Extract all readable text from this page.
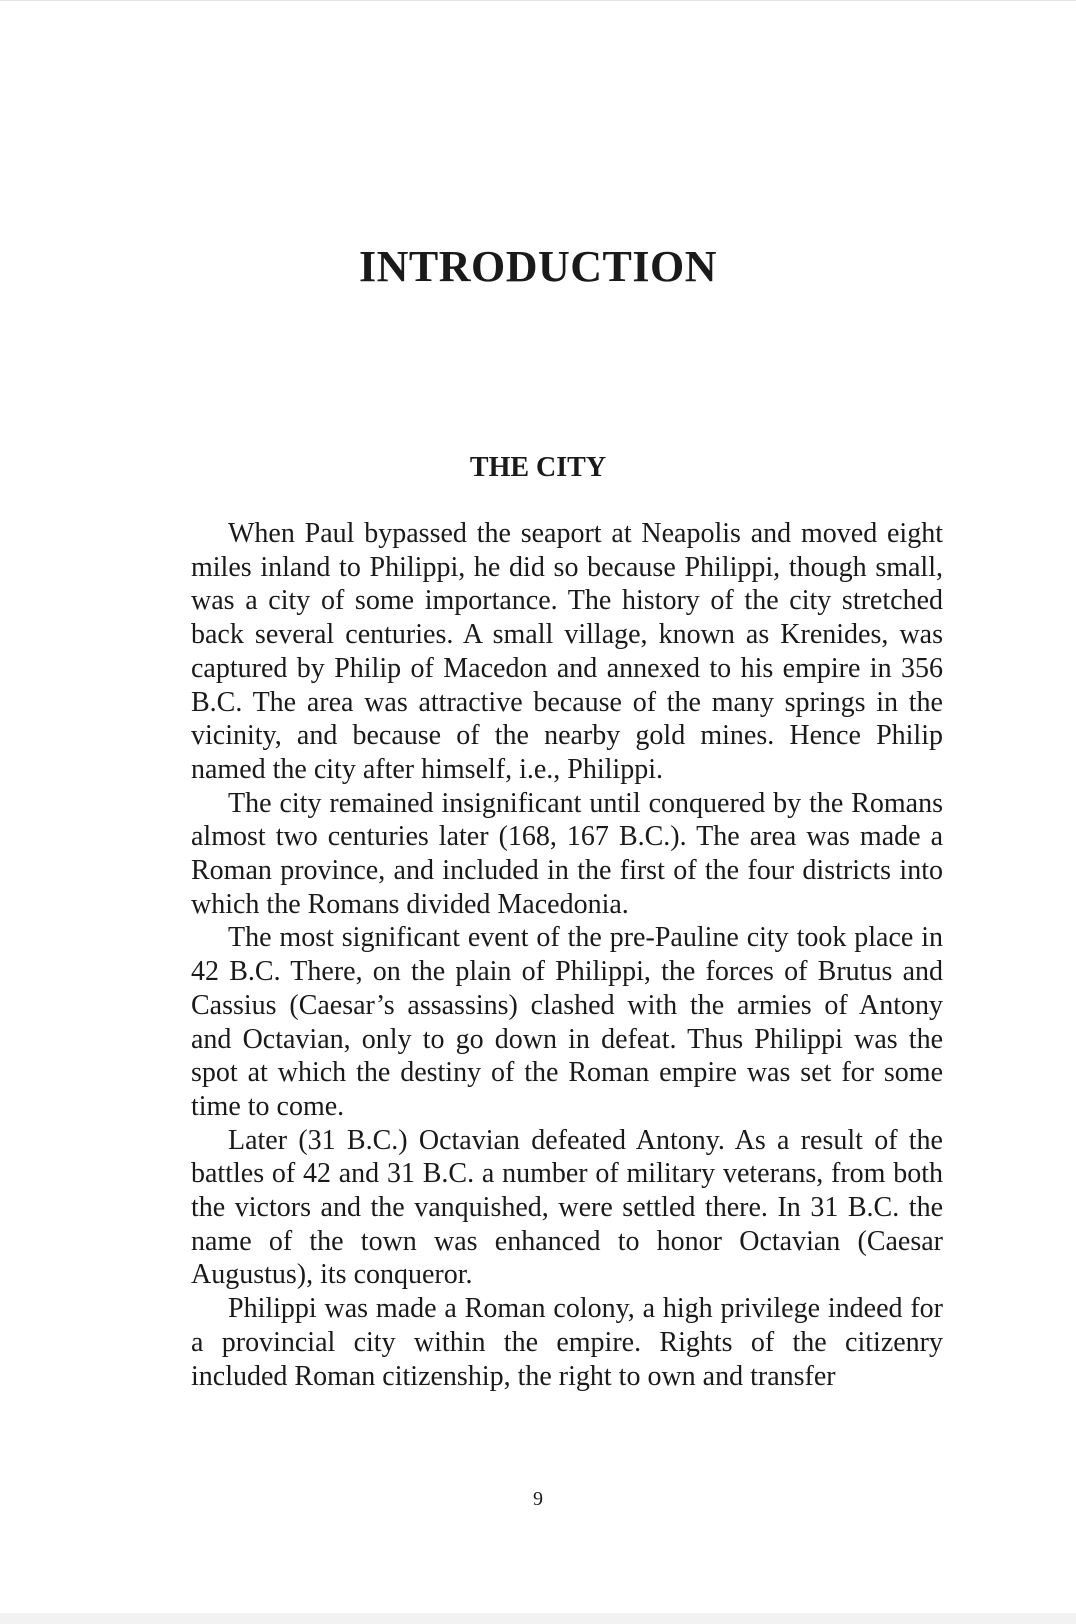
INTRODUCTION
THE CITY

When Paul bypassed the seaport at Neapolis and moved eight miles inland to Philippi, he did so because Philippi, though small, was a city of some importance. The history of the city stretched back several centuries. A small village, known as Krenides, was captured by Philip of Macedon and annexed to his empire in 356 B.C. The area was attractive because of the many springs in the vicinity, and because of the nearby gold mines. Hence Philip named the city after himself, i.e., Philippi.

The city remained insignificant until conquered by the Romans almost two centuries later (168, 167 B.C.). The area was made a Roman province, and included in the first of the four districts into which the Romans divided Macedonia.

The most significant event of the pre-Pauline city took place in 42 B.C. There, on the plain of Philippi, the forces of Brutus and Cassius (Caesar’s assassins) clashed with the armies of Antony and Octavian, only to go down in defeat. Thus Philippi was the spot at which the destiny of the Roman empire was set for some time to come.

Later (31 B.C.) Octavian defeated Antony. As a result of the battles of 42 and 31 B.C. a number of military veterans, from both the victors and the vanquished, were settled there. In 31 B.C. the name of the town was enhanced to honor Octavian (Caesar Augustus), its conqueror.

Philippi was made a Roman colony, a high privilege indeed for a provincial city within the empire. Rights of the citizenry included Roman citizenship, the right to own and transfer

9
